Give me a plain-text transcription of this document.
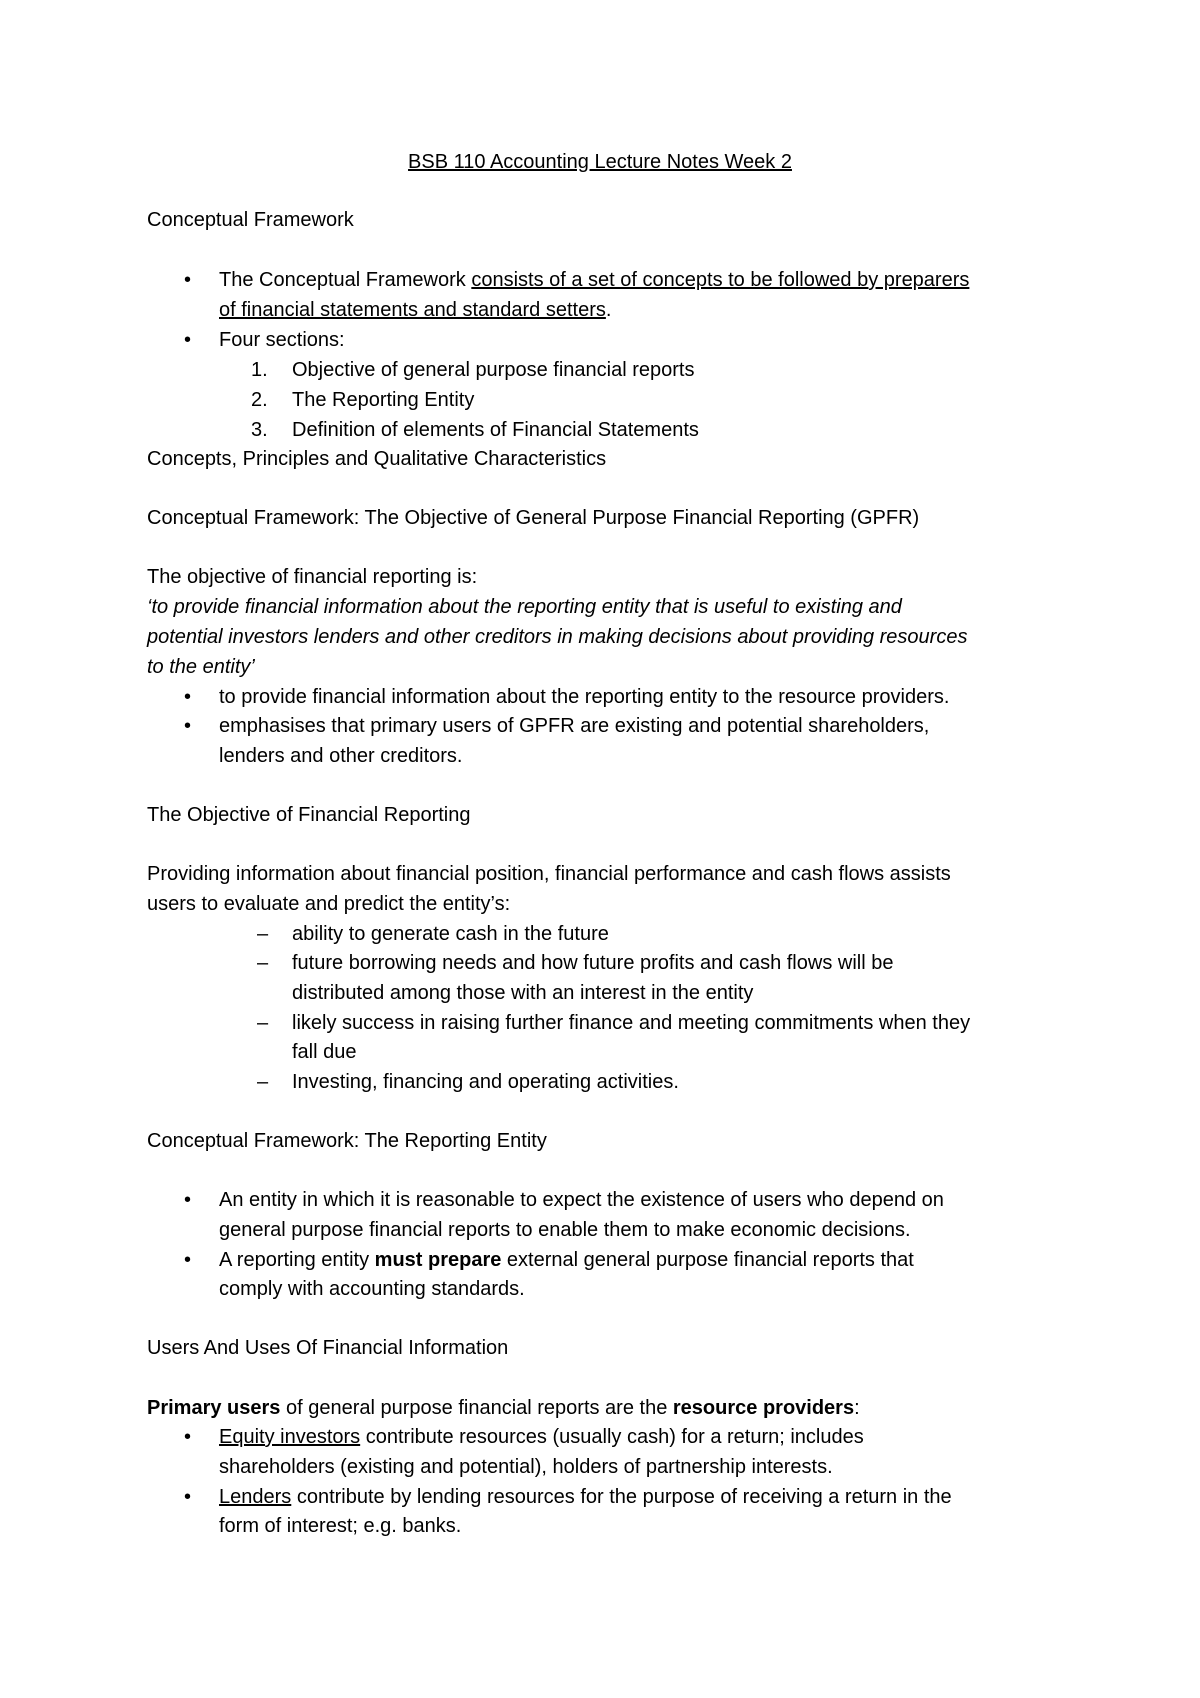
BSB 110 Accounting Lecture Notes Week 2
Conceptual Framework
• The Conceptual Framework consists of a set of concepts to be followed by preparers
of financial statements and standard setters.
• Four sections:
1. Objective of general purpose financial reports
2. The Reporting Entity
3. Definition of elements of Financial Statements
Concepts, Principles and Qualitative Characteristics
Conceptual Framework: The Objective of General Purpose Financial Reporting (GPFR)
The objective of financial reporting is:
‘to provide financial information about the reporting entity that is useful to existing and
potential investors lenders and other creditors in making decisions about providing resources
to the entity’
• to provide financial information about the reporting entity to the resource providers.
• emphasises that primary users of GPFR are existing and potential shareholders,
lenders and other creditors.
The Objective of Financial Reporting
Providing information about financial position, financial performance and cash flows assists
users to evaluate and predict the entity’s:
– ability to generate cash in the future
– future borrowing needs and how future profits and cash flows will be
distributed among those with an interest in the entity
– likely success in raising further finance and meeting commitments when they
fall due
– Investing, financing and operating activities.
Conceptual Framework: The Reporting Entity
• An entity in which it is reasonable to expect the existence of users who depend on
general purpose financial reports to enable them to make economic decisions.
• A reporting entity must prepare external general purpose financial reports that
comply with accounting standards.
Users And Uses Of Financial Information
Primary users of general purpose financial reports are the resource providers:
• Equity investors contribute resources (usually cash) for a return; includes
shareholders (existing and potential), holders of partnership interests.
• Lenders contribute by lending resources for the purpose of receiving a return in the
form of interest; e.g. banks.
